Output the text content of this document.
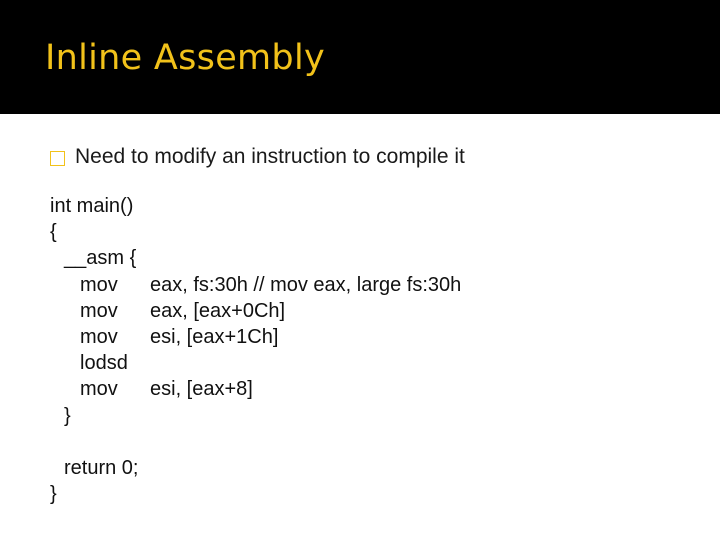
Inline Assembly
Need to modify an instruction to compile it
int main()
{
__asm {
mov eax, fs:30h // mov eax, large fs:30h
mov eax, [eax+0Ch]
mov esi, [eax+1Ch]
lodsd
mov esi, [eax+8]
}
return 0;
}
